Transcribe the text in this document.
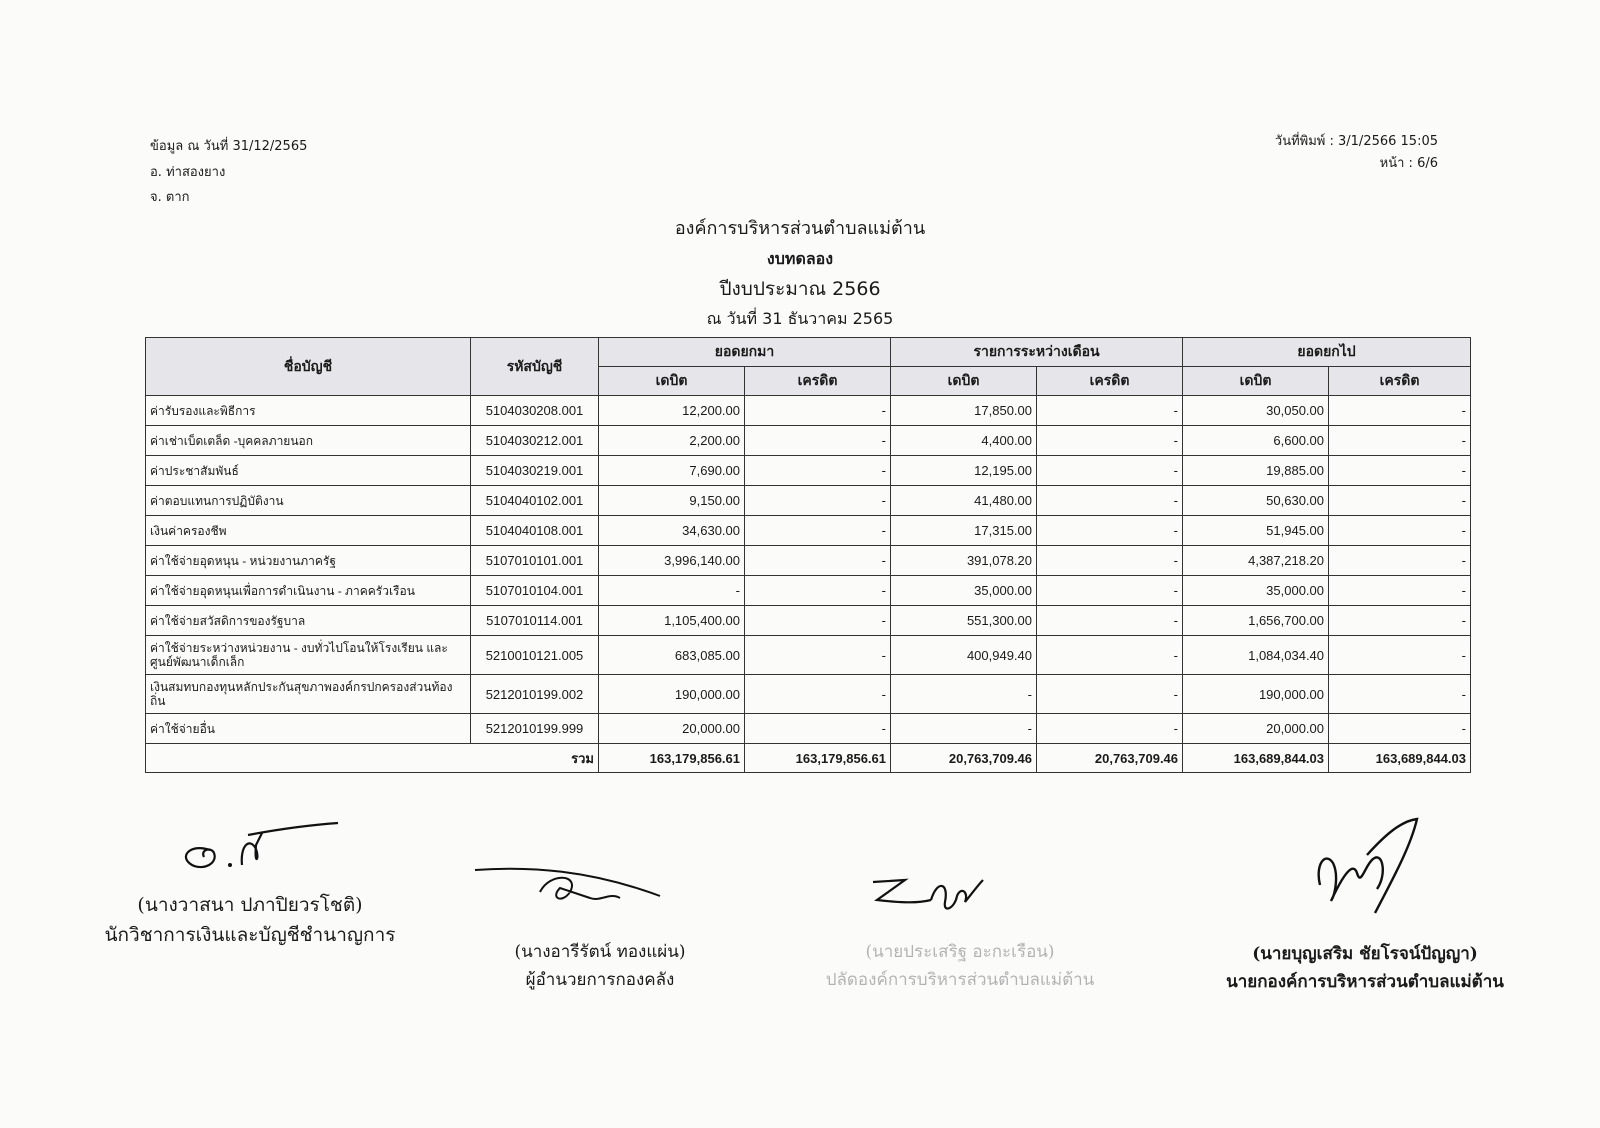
ข้อมูล ณ วันที่ 31/12/2565
อ. ท่าสองยาง
จ. ตาก
วันที่พิมพ์ : 3/1/2566 15:05
หน้า : 6/6
องค์การบริหารส่วนตำบลแม่ต้าน
งบทดลอง
ปีงบประมาณ 2566
ณ วันที่ 31 ธันวาคม 2565
ชื่อบัญชี	รหัสบัญชี	ยอดยกมา		รายการระหว่างเดือน		ยอดยกไป	
		เดบิต	เครดิต	เดบิต	เครดิต	เดบิต	เครดิต
ค่ารับรองและพิธีการ	5104030208.001	12,200.00	-	17,850.00	-	30,050.00	-
ค่าเช่าเบ็ดเตล็ด -บุคคลภายนอก	5104030212.001	2,200.00	-	4,400.00	-	6,600.00	-
ค่าประชาสัมพันธ์	5104030219.001	7,690.00	-	12,195.00	-	19,885.00	-
ค่าตอบแทนการปฏิบัติงาน	5104040102.001	9,150.00	-	41,480.00	-	50,630.00	-
เงินค่าครองชีพ	5104040108.001	34,630.00	-	17,315.00	-	51,945.00	-
ค่าใช้จ่ายอุดหนุน - หน่วยงานภาครัฐ	5107010101.001	3,996,140.00	-	391,078.20	-	4,387,218.20	-
ค่าใช้จ่ายอุดหนุนเพื่อการดำเนินงาน - ภาคครัวเรือน	5107010104.001	-	-	35,000.00	-	35,000.00	-
ค่าใช้จ่ายสวัสดิการของรัฐบาล	5107010114.001	1,105,400.00	-	551,300.00	-	1,656,700.00	-
ค่าใช้จ่ายระหว่างหน่วยงาน - งบทั่วไปโอนให้โรงเรียน และศูนย์พัฒนาเด็กเล็ก	5210010121.005	683,085.00	-	400,949.40	-	1,084,034.40	-
เงินสมทบกองทุนหลักประกันสุขภาพองค์กรปกครองส่วนท้องถิ่น	5212010199.002	190,000.00	-	-	-	190,000.00	-
ค่าใช้จ่ายอื่น	5212010199.999	20,000.00	-	-	-	20,000.00	-
รวม		163,179,856.61	163,179,856.61	20,763,709.46	20,763,709.46	163,689,844.03	163,689,844.03
(นางวาสนา ปภาปิยวรโชติ)
นักวิชาการเงินและบัญชีชำนาญการ
(นางอารีรัตน์ ทองแผ่น)
ผู้อำนวยการกองคลัง
(นายประเสริฐ อะกะเรือน)
ปลัดองค์การบริหารส่วนตำบลแม่ต้าน
(นายบุญเสริม ชัยโรจน์ปัญญา)
นายกองค์การบริหารส่วนตำบลแม่ต้าน
